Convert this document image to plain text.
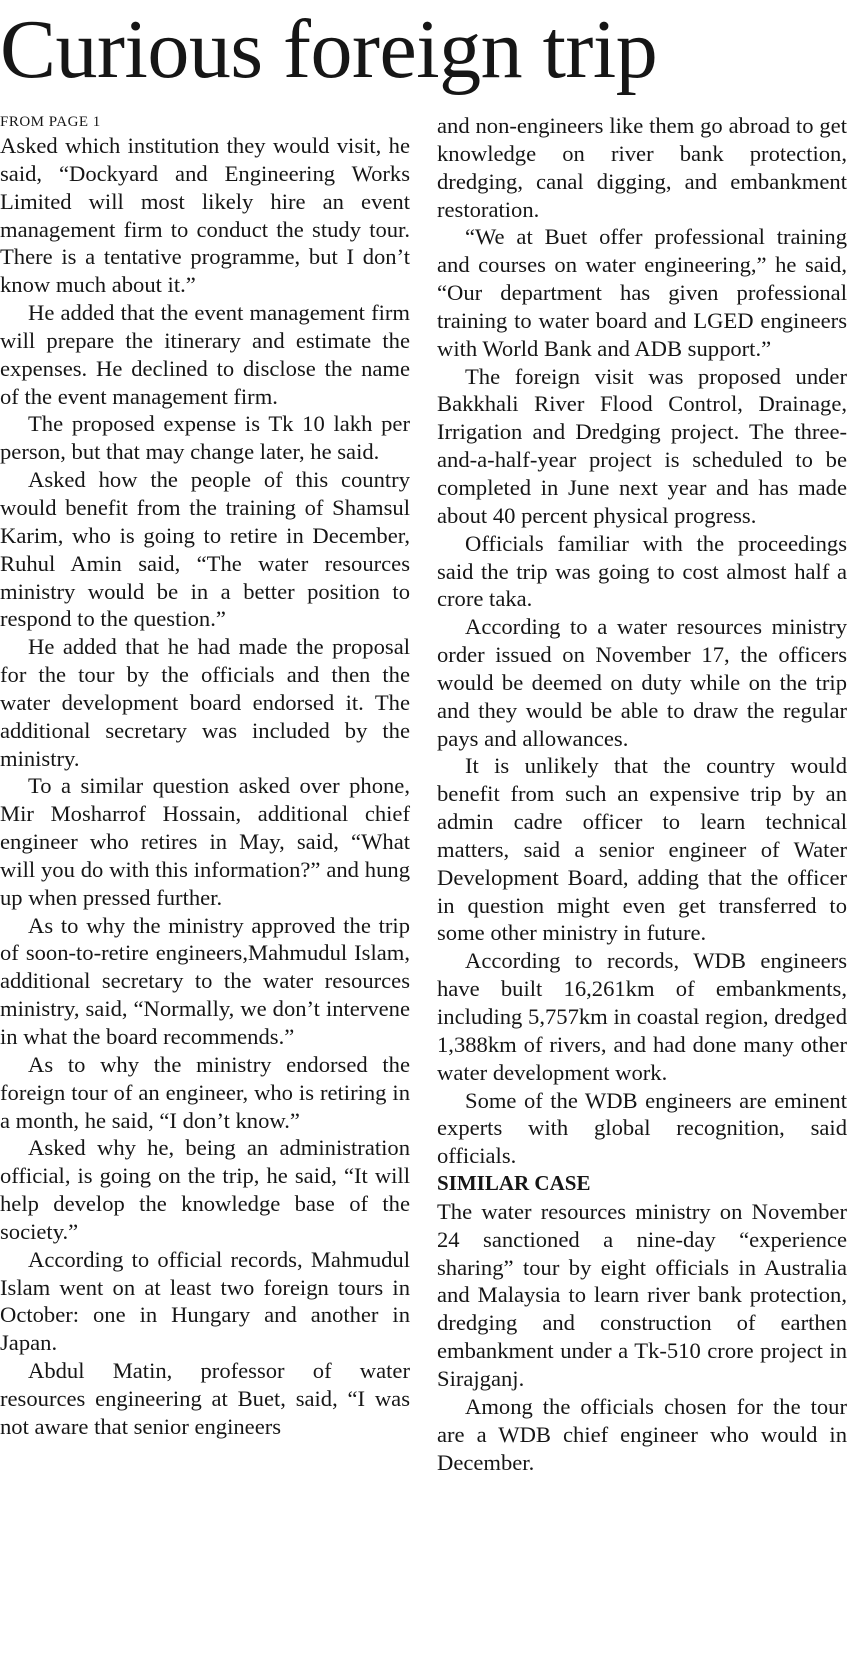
Curious foreign trip
FROM PAGE 1

Asked which institution they would visit, he said, “Dockyard and Engineering Works Limited will most likely hire an event management firm to conduct the study tour. There is a tentative programme, but I don’t know much about it.”

He added that the event management firm will prepare the itinerary and estimate the expenses. He declined to disclose the name of the event management firm.

The proposed expense is Tk 10 lakh per person, but that may change later, he said.

Asked how the people of this country would benefit from the training of Shamsul Karim, who is going to retire in December, Ruhul Amin said, “The water resources ministry would be in a better position to respond to the question.”

He added that he had made the proposal for the tour by the officials and then the water development board endorsed it. The additional secretary was included by the ministry.

To a similar question asked over phone, Mir Mosharrof Hossain, additional chief engineer who retires in May, said, “What will you do with this information?” and hung up when pressed further.

As to why the ministry approved the trip of soon-to-retire engineers,Mahmudul Islam, additional secretary to the water resources ministry, said, “Normally, we don’t intervene in what the board recommends.”

As to why the ministry endorsed the foreign tour of an engineer, who is retiring in a month, he said, “I don’t know.”

Asked why he, being an administration official, is going on the trip, he said, “It will help develop the knowledge base of the society.”

According to official records, Mahmudul Islam went on at least two foreign tours in October: one in Hungary and another in Japan.

Abdul Matin, professor of water resources engineering at Buet, said, “I was not aware that senior engineers

and non-engineers like them go abroad to get knowledge on river bank protection, dredging, canal digging, and embankment restoration.

“We at Buet offer professional training and courses on water engineering,” he said, “Our department has given professional training to water board and LGED engineers with World Bank and ADB support.”

The foreign visit was proposed under Bakkhali River Flood Control, Drainage, Irrigation and Dredging project. The three-and-a-half-year project is scheduled to be completed in June next year and has made about 40 percent physical progress.

Officials familiar with the proceedings said the trip was going to cost almost half a crore taka.

According to a water resources ministry order issued on November 17, the officers would be deemed on duty while on the trip and they would be able to draw the regular pays and allowances.

It is unlikely that the country would benefit from such an expensive trip by an admin cadre officer to learn technical matters, said a senior engineer of Water Development Board, adding that the officer in question might even get transferred to some other ministry in future.

According to records, WDB engineers have built 16,261km of embankments, including 5,757km in coastal region, dredged 1,388km of rivers, and had done many other water development work.

Some of the WDB engineers are eminent experts with global recognition, said officials.

SIMILAR CASE

The water resources ministry on November 24 sanctioned a nine-day “experience sharing” tour by eight officials in Australia and Malaysia to learn river bank protection, dredging and construction of earthen embankment under a Tk-510 crore project in Sirajganj.

Among the officials chosen for the tour are a WDB chief engineer who would in December.
